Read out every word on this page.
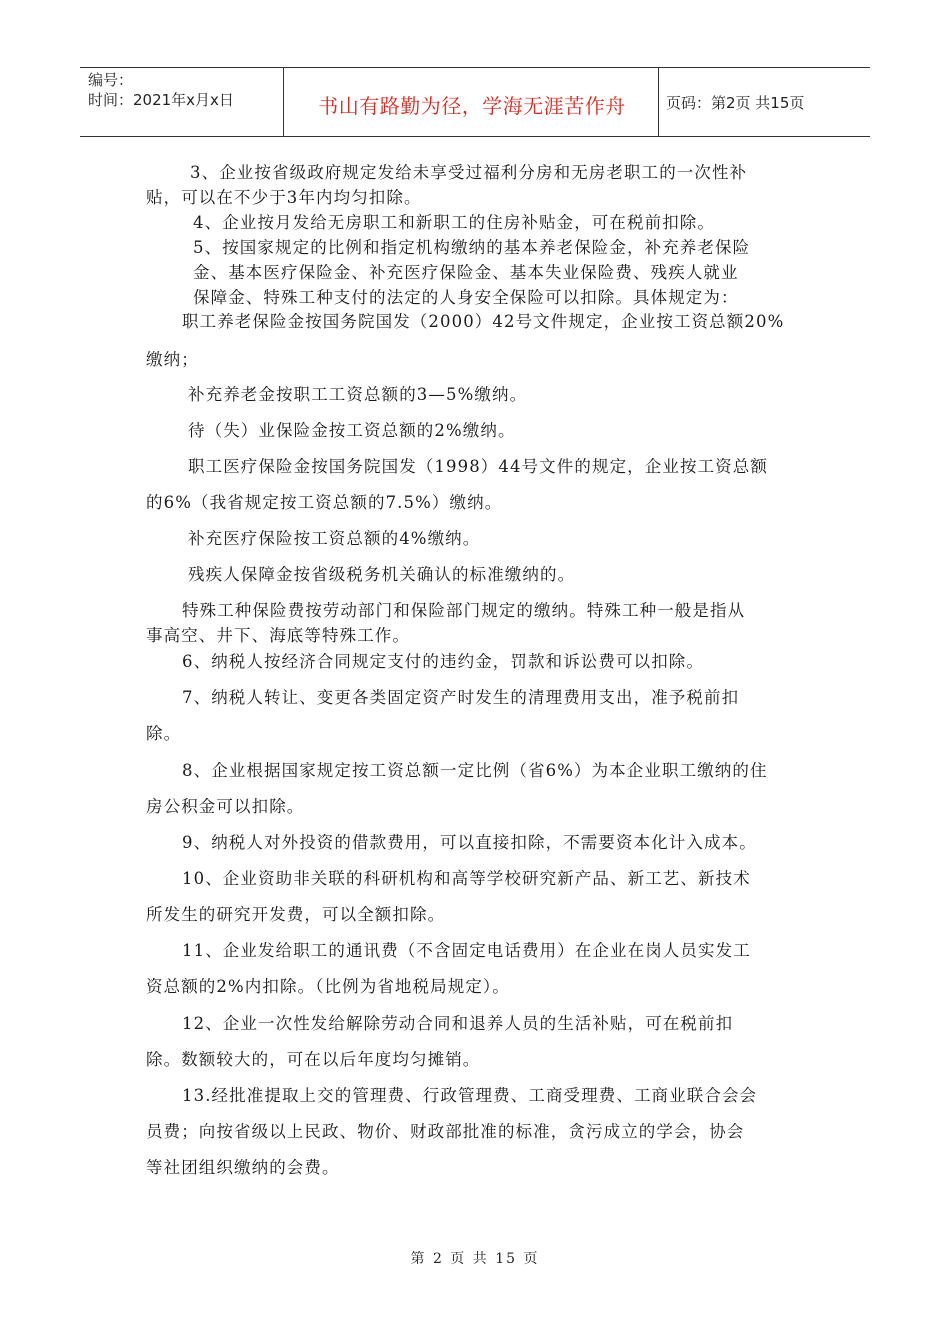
编号：
时间：2021年x月x日	书山有路勤为径，学海无涯苦作舟	页码：第2页 共15页
3、企业按省级政府规定发给未享受过福利分房和无房老职工的一次性补
贴，可以在不少于3年内均匀扣除。
4、企业按月发给无房职工和新职工的住房补贴金，可在税前扣除。
5、按国家规定的比例和指定机构缴纳的基本养老保险金，补充养老保险
金、基本医疗保险金、补充医疗保险金、基本失业保险费、残疾人就业
保障金、特殊工种支付的法定的人身安全保险可以扣除。具体规定为：
职工养老保险金按国务院国发（2000）42号文件规定，企业按工资总额20%
缴纳；
补充养老金按职工工资总额的3—5%缴纳。
待（失）业保险金按工资总额的2%缴纳。
职工医疗保险金按国务院国发（1998）44号文件的规定，企业按工资总额
的6%（我省规定按工资总额的7.5%）缴纳。
补充医疗保险按工资总额的4%缴纳。
残疾人保障金按省级税务机关确认的标准缴纳的。
特殊工种保险费按劳动部门和保险部门规定的缴纳。特殊工种一般是指从
事高空、井下、海底等特殊工作。
6、纳税人按经济合同规定支付的违约金，罚款和诉讼费可以扣除。
7、纳税人转让、变更各类固定资产时发生的清理费用支出，准予税前扣
除。
8、企业根据国家规定按工资总额一定比例（省6%）为本企业职工缴纳的住
房公积金可以扣除。
9、纳税人对外投资的借款费用，可以直接扣除，不需要资本化计入成本。
10、企业资助非关联的科研机构和高等学校研究新产品、新工艺、新技术
所发生的研究开发费，可以全额扣除。
11、企业发给职工的通讯费（不含固定电话费用）在企业在岗人员实发工
资总额的2%内扣除。（比例为省地税局规定）。
12、企业一次性发给解除劳动合同和退养人员的生活补贴，可在税前扣
除。数额较大的，可在以后年度均匀摊销。
13.经批准提取上交的管理费、行政管理费、工商受理费、工商业联合会会
员费；向按省级以上民政、物价、财政部批准的标准，贪污成立的学会，协会
等社团组织缴纳的会费。
第 2 页 共 15 页
